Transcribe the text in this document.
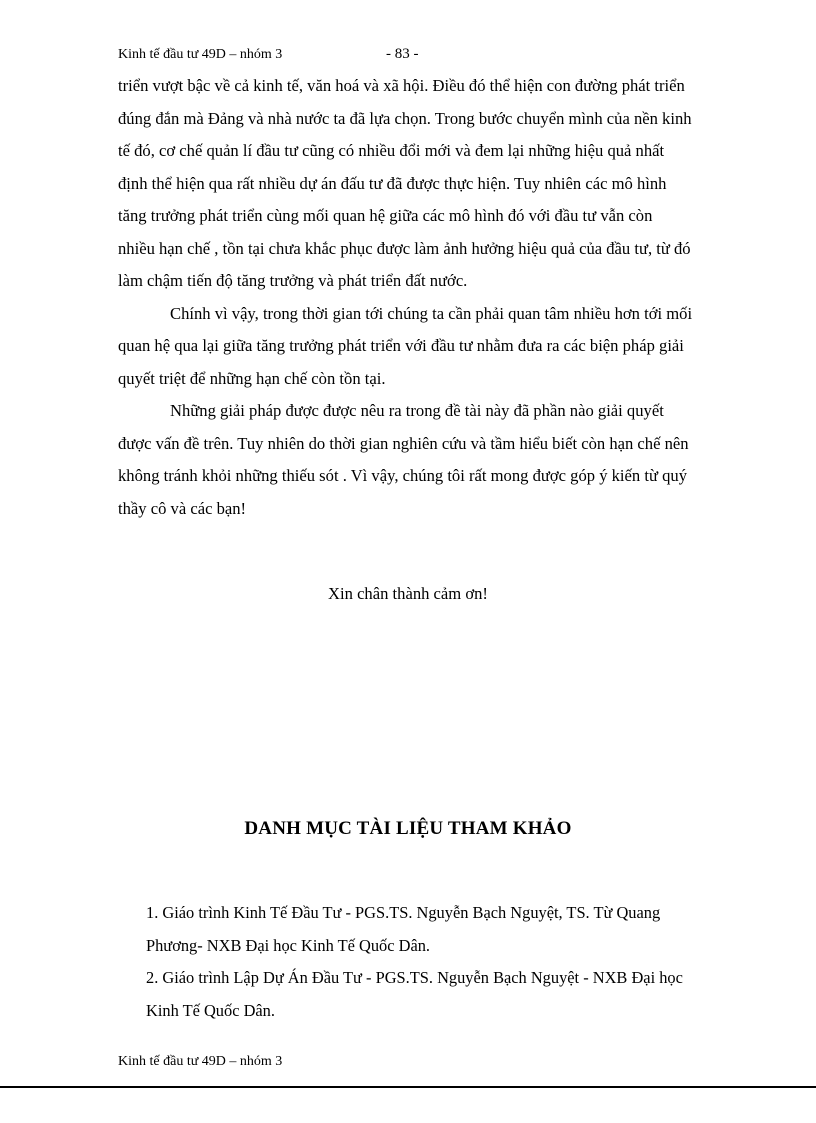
Kinh tế đầu tư 49D – nhóm 3	- 83 -

triển vượt bậc về cả kinh tế, văn hoá và xã hội. Điều đó thể hiện con đường phát triển đúng đắn mà Đảng và nhà nước ta đã lựa chọn. Trong bước chuyển mình của nền kinh tế đó, cơ chế quản lí đầu tư cũng có nhiều đổi mới và đem lại những hiệu quả nhất định thể hiện qua rất nhiều dự án đấu tư đã được thực hiện. Tuy nhiên các mô hình tăng trưởng phát triển cùng mối quan hệ giữa các mô hình đó với đầu tư vẫn còn nhiều hạn chế , tồn tại chưa khắc phục được làm ảnh hưởng hiệu quả của đầu tư, từ đó làm chậm tiến độ tăng trưởng và phát triển đất nước.

Chính vì vậy, trong thời gian tới chúng ta cần phải quan tâm nhiều hơn tới mối quan hệ qua lại giữa tăng trưởng phát triển với đầu tư nhằm đưa ra các biện pháp giải quyết triệt để những hạn chế còn tồn tại.

Những giải pháp được được nêu ra trong đề tài này đã phần nào giải quyết được vấn đề trên. Tuy nhiên do thời gian nghiên cứu và tầm hiểu biết còn hạn chế nên không tránh khỏi những thiếu sót . Vì vậy, chúng tôi rất mong được góp ý kiến từ quý thầy cô và các bạn!

Xin chân thành cảm ơn!

DANH MỤC TÀI LIỆU THAM KHẢO
1. Giáo trình Kinh Tế Đầu Tư - PGS.TS. Nguyễn Bạch Nguyệt, TS. Từ Quang Phương- NXB Đại học Kinh Tế Quốc Dân.
2. Giáo trình Lập Dự Án Đầu Tư - PGS.TS. Nguyễn Bạch Nguyệt - NXB Đại học Kinh Tế Quốc Dân.
Kinh tế đầu tư 49D – nhóm 3
